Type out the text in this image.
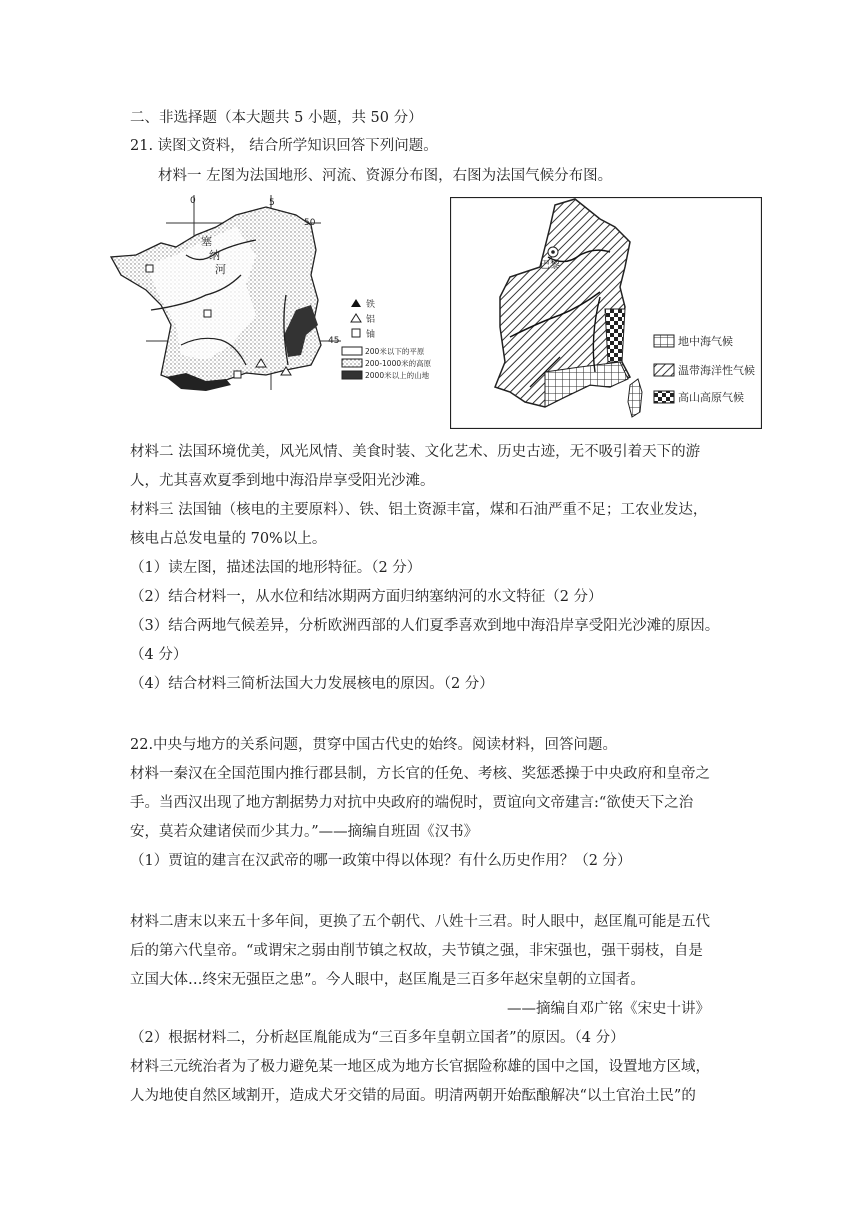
二、非选择题（本大题共 5 小题，共 50 分）
21. 读图文资料， 结合所学知识回答下列问题。
材料一 左图为法国地形、河流、资源分布图，右图为法国气候分布图。
0	5
50
45
塞
纳
河
铁
铝
铀
200米以下的平原
200-1000米的高原
2000米以上的山地
巴黎
地中海气候
温带海洋性气候
高山高原气候
材料二 法国环境优美，风光风情、美食时装、文化艺术、历史古迹，无不吸引着天下的游
人，尤其喜欢夏季到地中海沿岸享受阳光沙滩。
材料三 法国铀（核电的主要原料）、铁、铝土资源丰富，煤和石油严重不足；工农业发达，
核电占总发电量的 70%以上。
（1）读左图，描述法国的地形特征。（2 分）
（2）结合材料一，从水位和结冰期两方面归纳塞纳河的水文特征（2 分）
（3）结合两地气候差异，分析欧洲西部的人们夏季喜欢到地中海沿岸享受阳光沙滩的原因。
（4 分）
（4）结合材料三简析法国大力发展核电的原因。（2 分）
22.中央与地方的关系问题，贯穿中国古代史的始终。阅读材料，回答问题。
材料一秦汉在全国范围内推行郡县制，方长官的任免、考核、奖惩悉操于中央政府和皇帝之
手。当西汉出现了地方割据势力对抗中央政府的端倪时，贾谊向文帝建言:“欲使天下之治
安，莫若众建诸侯而少其力。”——摘编自班固《汉书》
（1）贾谊的建言在汉武帝的哪一政策中得以体现？有什么历史作用？（2 分）
材料二唐末以来五十多年间，更换了五个朝代、八姓十三君。时人眼中，赵匡胤可能是五代
后的第六代皇帝。“或谓宋之弱由削节镇之权故，夫节镇之强，非宋强也，强干弱枝，自是
立国大体…终宋无强臣之患”。今人眼中，赵匡胤是三百多年赵宋皇朝的立国者。
——摘编自邓广铭《宋史十讲》
（2）根据材料二，分析赵匡胤能成为“三百多年皇朝立国者”的原因。（4 分）
材料三元统治者为了极力避免某一地区成为地方长官据险称雄的国中之国，设置地方区域，
人为地使自然区域割开，造成犬牙交错的局面。明清两朝开始酝酿解决“以土官治土民”的
